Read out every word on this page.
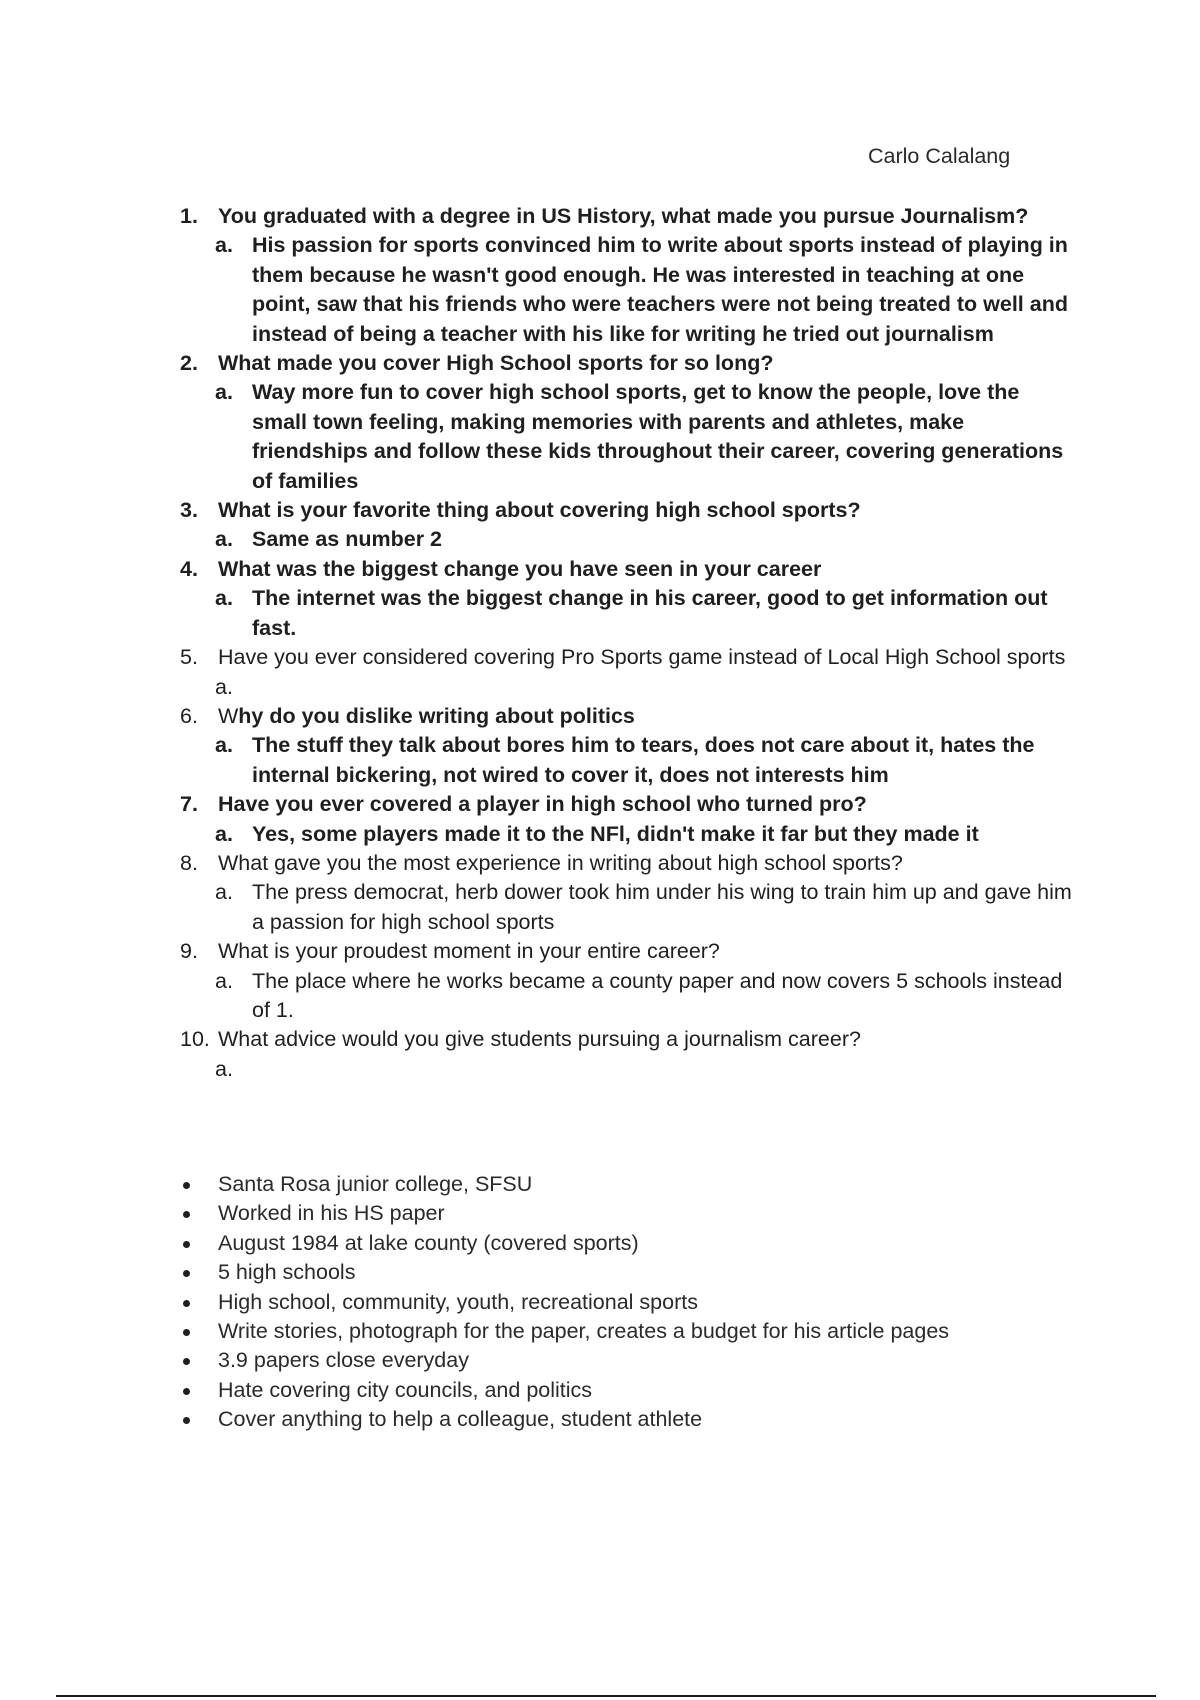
Carlo Calalang
1. You graduated with a degree in US History, what made you pursue Journalism?
a. His passion for sports convinced him to write about sports instead of playing in them because he wasn't good enough. He was interested in teaching at one point, saw that his friends who were teachers were not being treated to well and instead of being a teacher with his like for writing he tried out journalism
2. What made you cover High School sports for so long?
a. Way more fun to cover high school sports, get to know the people, love the small town feeling, making memories with parents and athletes, make friendships and follow these kids throughout their career, covering generations of families
3. What is your favorite thing about covering high school sports?
a. Same as number 2
4. What was the biggest change you have seen in your career
a. The internet was the biggest change in his career, good to get information out fast.
5. Have you ever considered covering Pro Sports game instead of Local High School sports
a.
6. Why do you dislike writing about politics
a. The stuff they talk about bores him to tears, does not care about it, hates the internal bickering, not wired to cover it, does not interests him
7. Have you ever covered a player in high school who turned pro?
a. Yes, some players made it to the NFl, didn't make it far but they made it
8. What gave you the most experience in writing about high school sports?
a. The press democrat, herb dower took him under his wing to train him up and gave him a passion for high school sports
9. What is your proudest moment in your entire career?
a. The place where he works became a county paper and now covers 5 schools instead of 1.
10. What advice would you give students pursuing a journalism career?
a.
Santa Rosa junior college, SFSU
Worked in his HS paper
August 1984 at lake county (covered sports)
5 high schools
High school, community, youth, recreational sports
Write stories, photograph for the paper, creates a budget for his article pages
3.9 papers close everyday
Hate covering city councils, and politics
Cover anything to help a colleague, student athlete
